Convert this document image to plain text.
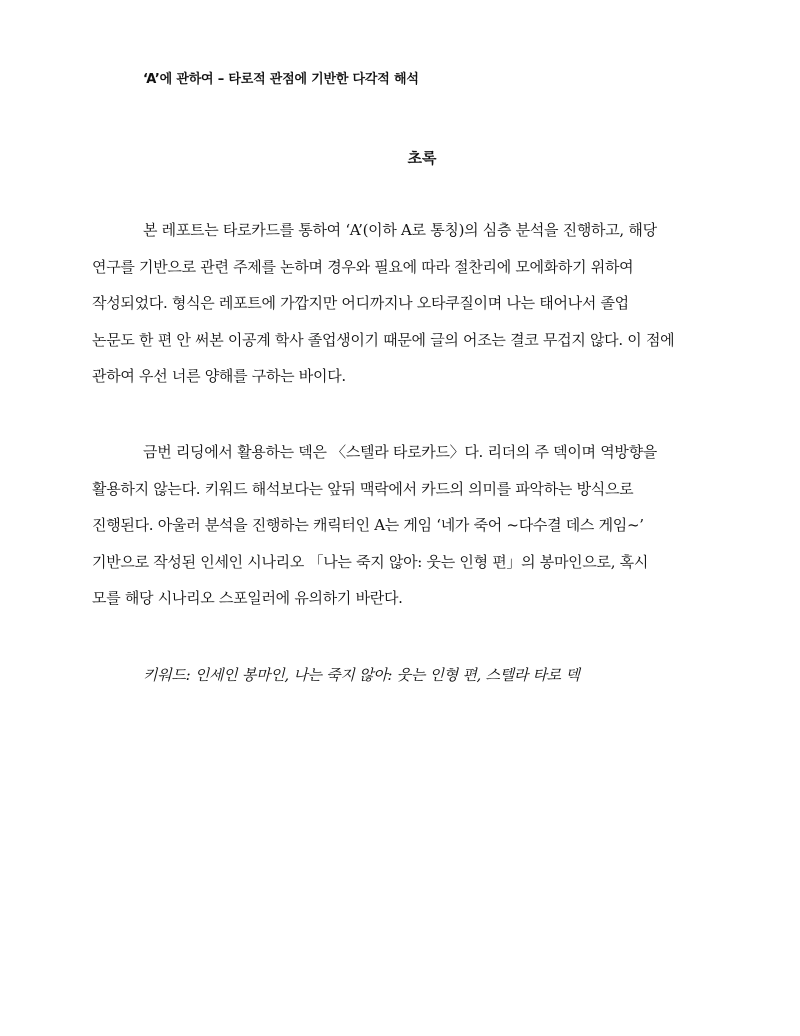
‘A’에 관하여 – 타로적 관점에 기반한 다각적 해석
초록

본 레포트는 타로카드를 통하여 ‘A’(이하 A로 통칭)의 심층 분석을 진행하고, 해당
연구를 기반으로 관련 주제를 논하며 경우와 필요에 따라 절찬리에 모에화하기 위하여
작성되었다. 형식은 레포트에 가깝지만 어디까지나 오타쿠질이며 나는 태어나서 졸업
논문도 한 편 안 써본 이공계 학사 졸업생이기 때문에 글의 어조는 결코 무겁지 않다. 이 점에
관하여 우선 너른 양해를 구하는 바이다.

금번 리딩에서 활용하는 덱은 〈스텔라 타로카드〉다. 리더의 주 덱이며 역방향을
활용하지 않는다. 키워드 해석보다는 앞뒤 맥락에서 카드의 의미를 파악하는 방식으로
진행된다. 아울러 분석을 진행하는 캐릭터인 A는 게임 ‘네가 죽어 ~다수결 데스 게임~’
기반으로 작성된 인세인 시나리오 「나는 죽지 않아: 웃는 인형 편」의 봉마인으로, 혹시
모를 해당 시나리오 스포일러에 유의하기 바란다.

키워드: 인세인 봉마인, 나는 죽지 않아: 웃는 인형 편, 스텔라 타로 덱
